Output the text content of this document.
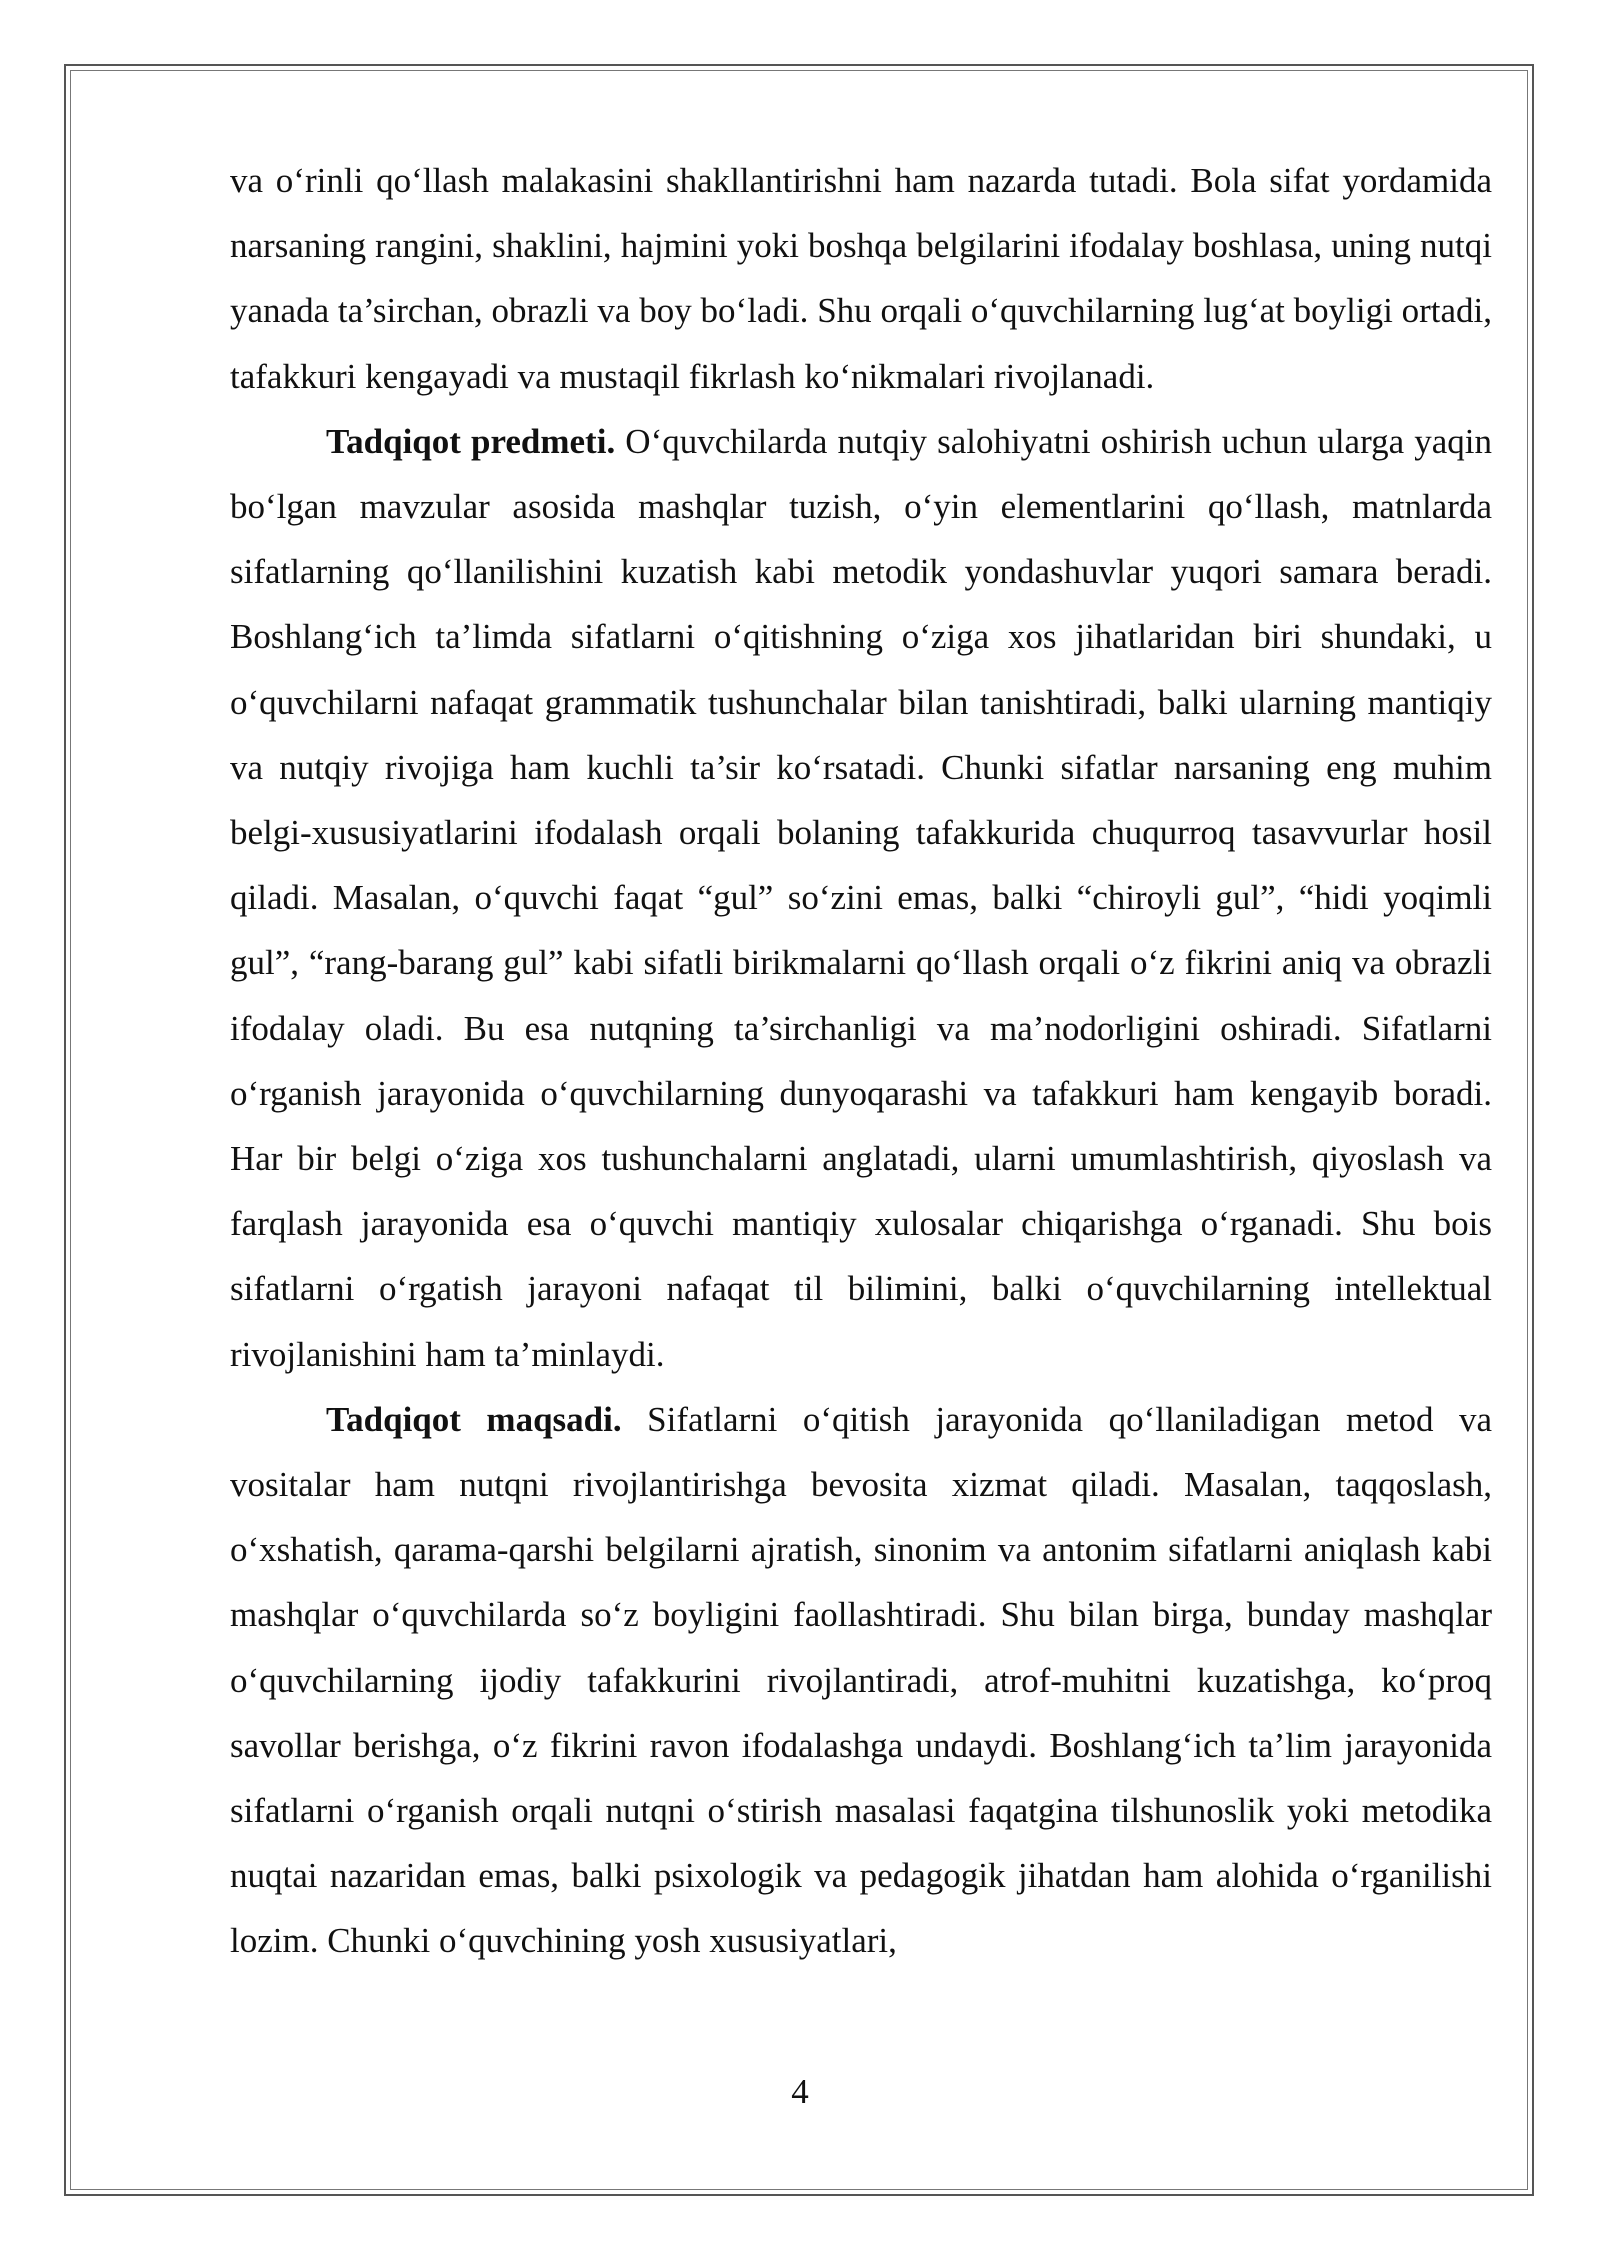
va o‘rinli qo‘llash malakasini shakllantirishni ham nazarda tutadi. Bola sifat yordamida narsaning rangini, shaklini, hajmini yoki boshqa belgilarini ifodalay boshlasa, uning nutqi yanada ta’sirchan, obrazli va boy bo‘ladi. Shu orqali o‘quvchilarning lug‘at boyligi ortadi, tafakkuri kengayadi va mustaqil fikrlash ko‘nikmalari rivojlanadi.

Tadqiqot predmeti. O‘quvchilarda nutqiy salohiyatni oshirish uchun ularga yaqin bo‘lgan mavzular asosida mashqlar tuzish, o‘yin elementlarini qo‘llash, matnlarda sifatlarning qo‘llanilishini kuzatish kabi metodik yondashuvlar yuqori samara beradi. Boshlang‘ich ta’limda sifatlarni o‘qitishning o‘ziga xos jihatlaridan biri shundaki, u o‘quvchilarni nafaqat grammatik tushunchalar bilan tanishtiradi, balki ularning mantiqiy va nutqiy rivojiga ham kuchli ta’sir ko‘rsatadi. Chunki sifatlar narsaning eng muhim belgi-xususiyatlarini ifodalash orqali bolaning tafakkurida chuqurroq tasavvurlar hosil qiladi. Masalan, o‘quvchi faqat “gul” so‘zini emas, balki “chiroyli gul”, “hidi yoqimli gul”, “rang-barang gul” kabi sifatli birikmalarni qo‘llash orqali o‘z fikrini aniq va obrazli ifodalay oladi. Bu esa nutqning ta’sirchanligi va ma’nodorligini oshiradi. Sifatlarni o‘rganish jarayonida o‘quvchilarning dunyoqarashi va tafakkuri ham kengayib boradi. Har bir belgi o‘ziga xos tushunchalarni anglatadi, ularni umumlashtirish, qiyoslash va farqlash jarayonida esa o‘quvchi mantiqiy xulosalar chiqarishga o‘rganadi. Shu bois sifatlarni o‘rgatish jarayoni nafaqat til bilimini, balki o‘quvchilarning intellektual rivojlanishini ham ta’minlaydi.

Tadqiqot maqsadi. Sifatlarni o‘qitish jarayonida qo‘llaniladigan metod va vositalar ham nutqni rivojlantirishga bevosita xizmat qiladi. Masalan, taqqoslash, o‘xshatish, qarama-qarshi belgilarni ajratish, sinonim va antonim sifatlarni aniqlash kabi mashqlar o‘quvchilarda so‘z boyligini faollashtiradi. Shu bilan birga, bunday mashqlar o‘quvchilarning ijodiy tafakkurini rivojlantiradi, atrof-muhitni kuzatishga, ko‘proq savollar berishga, o‘z fikrini ravon ifodalashga undaydi. Boshlang‘ich ta’lim jarayonida sifatlarni o‘rganish orqali nutqni o‘stirish masalasi faqatgina tilshunoslik yoki metodika nuqtai nazaridan emas, balki psixologik va pedagogik jihatdan ham alohida o‘rganilishi lozim. Chunki o‘quvchining yosh xususiyatlari,

4
